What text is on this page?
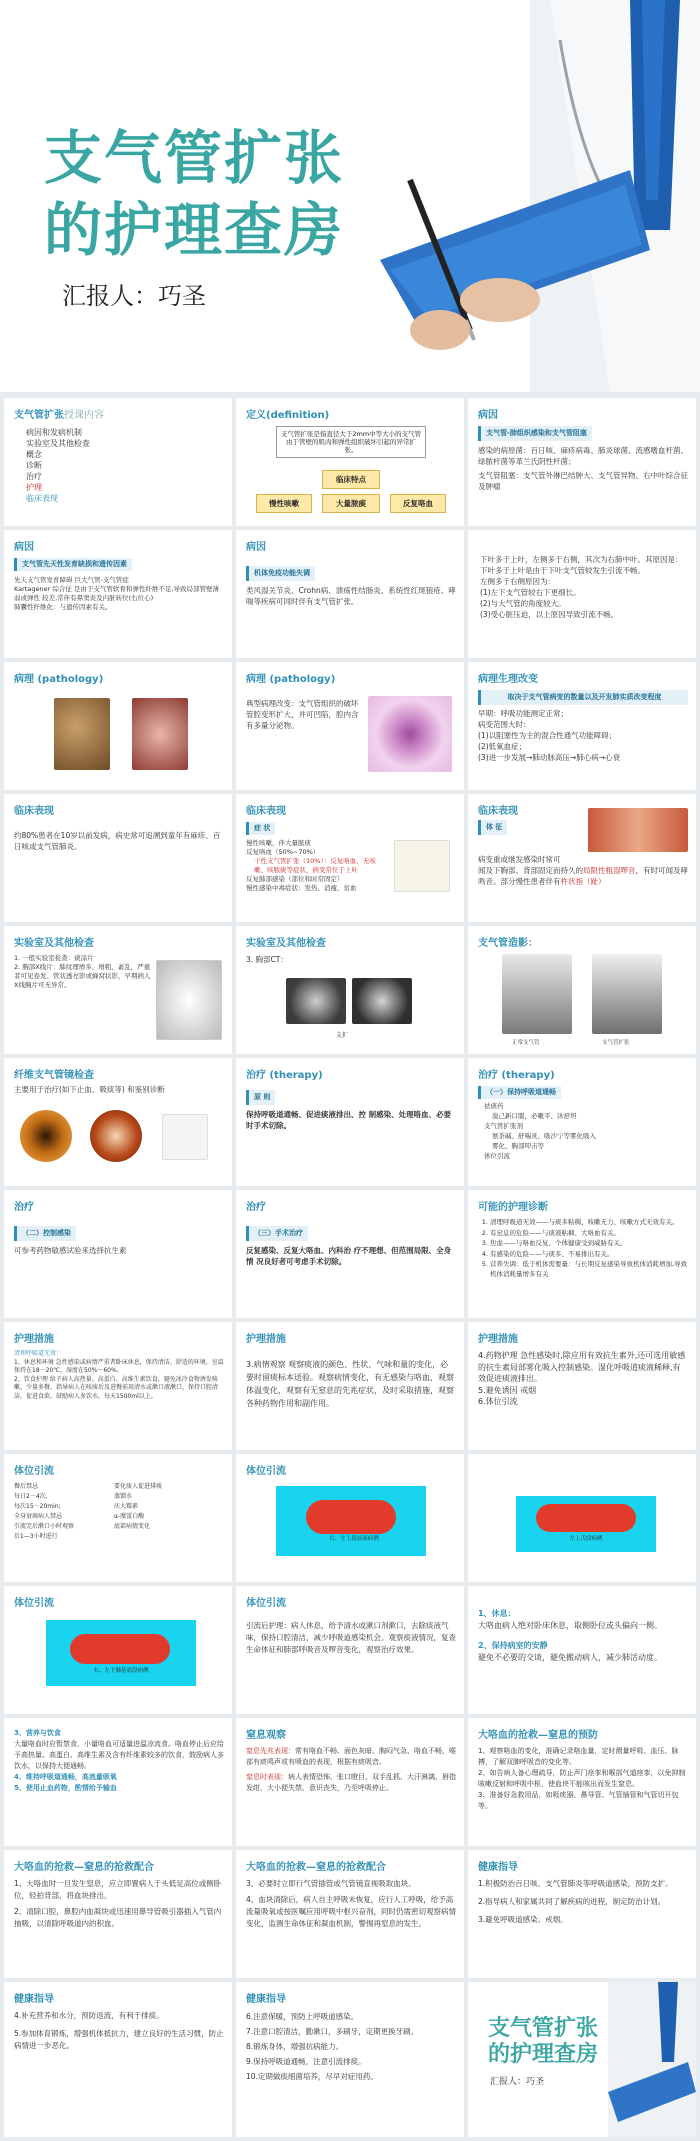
支气管扩张
的护理查房
汇报人：巧圣
支气管扩张授课内容
病因和发病机制
实验室及其他检查
概念
诊断
治疗
护理
临床表现
定义(definition)
支气管扩张是指直径大于2mm中等大小的支气管由于管壁的肌肉和弹性组织破坏引起的异常扩张。
临床特点
慢性咳嗽	大量脓痰	反复咯血
病因
支气管-肺组织感染和支气管阻塞

感染的病原菌：百日咳、麻疹病毒、肺炎球菌、流感嗜血杆菌、绿脓杆菌等革兰氏阴性杆菌；

支气管阻塞：支气管外淋巴结肿大、支气管异物、右中叶综合征及肿瘤

病因
支气管先天性发育缺损和遗传因素

先天支气管发育障碍 巨大气管-支气管症

Kartagener 综合征 是由于支气管软骨和弹性纤维不足,导致局部管壁薄弱或弹性 较差,常伴有鼻窦炎及内脏转位(右位心)

肺囊性纤维化：与遗传因素有关。

病因
机体免疫功能失调

类风湿关节炎、Crohn病、溃疡性结肠炎、系统性红斑狼疮、哮喘等疾病可同时伴有支气管扩张。

下叶多于上叶，左侧多于右侧，其次为右肺中叶。其原因是：下叶多于上叶是由于下叶支气管较发生引流不畅。

左侧多于右侧原因为：

(1)左下支气管较右下更细长。

(2)与大气管的角度较大。

(3)受心脏压迫，以上原因导致引流不畅。

病理 (pathology)	病理 (pathology)

典型病理改变：支气管组织的破坏

管腔变形扩大，并可凹陷，腔内含有多量分泌物。

病理生理改变
取决于支气管病变的数量以及开发肺实质改变程度

早期：呼吸功能测定正常；

病变范围大时：

(1)以阻塞性为主的混合性通气功能障碍；

(2)低氧血症；

(3)进一步发展→肺动脉高压→肺心病→心衰

临床表现
约80%患者在10岁以前发病，病史常可追溯到童年有麻疹、百日咳或支气管肺炎。
临床表现
症 状

慢性咳嗽，伴大量脓痰

反复咯血（50%~70%）

干性支气管扩张（10%）：反复咯血，无咳嗽、咳脓痰等症状，病变常位于上叶

反复肺部感染（部位和时常固定）

慢性感染中毒症状：发热、消瘦、贫血

临床表现
体 征
病变重或继发感染时常可
闻及下胸部、背部固定而持久的局限性粗湿啰音，有时可闻及哮鸣音。部分慢性患者伴有杵状指（趾）
实验室及其他检查

1. 一般实验室检查：痰涂片

2. 胸部X线片：肺纹理增多、增粗、紊乱，严重者可见卷发、管状透亮影或蜂窝状影，早期病人X线胸片可无异常。

实验室及其他检查
3. 胸部CT：
支扩
支气管造影：
正常支气管	支气管扩张
纤维支气管镜检查
主要用于治疗(如下止血、吸痰等) 和鉴别诊断
治疗 (therapy)
原 则

保持呼吸道通畅、促进痰液排出、控 制感染、处理咯血、必要时手术切除。

治疗 (therapy)
（一）保持呼吸道通畅
祛痰药
溴己新口服，必嗽平、沐舒坦
支气管扩张剂
氨茶碱、舒喘灵、吸沙宁等雾化吸入
雾化、胸部叩击等
体位引流
治疗
（二）控制感染

可参考药物敏感试验来选择抗生素

治疗
（三）手术治疗

反复感染、反复大咯血、内科治 疗不理想、但范围局限、全身情 况良好者可考虑手术切除。

可能的护理诊断
1. 清理呼吸道无效——与痰多粘稠、咳嗽无力、咳嗽方式无效有关。
2. 有窒息的危险——与痰液粘稠、大咯血有关。
3. 焦虑——与咯血反复、个体健康受到威胁有关。
4. 有感染的危险——与痰多、不易排出有关。
5. 营养失调：低于机体需要量：与长期反复感染导致机体消耗增加,导致机体消耗量增多有关
护理措施

清理呼吸道无效：

1、休息和环境 急性感染或病情严重者卧床休息，保持清洁、舒适的环境，室温保持在18－20℃，湿度在50%～60%。

2、饮食护理 给予病人高热量、高蛋白、高维生素饮食，避免冰冷食物诱发咳嗽，少量多餐，指导病人在咳痰后及进餐前用清水或漱口液漱口，保持口腔清洁，促进食欲。鼓励病人多饮水，每天1500ml以上。

护理措施
3.病情观察 观察痰液的颜色、性状、气味和量的变化，必要时留痰标本送验。观察病情变化，有无感染与咯血，观察体温变化，观察有无窒息的先兆症状，及时采取措施，观察各种药物作用和副作用。
护理措施

4.药物护理 急性感染时,除应用有效抗生素外,还可选用敏感的抗生素局部雾化吸入控制感染。湿化呼吸道痰液稀释,有效促进痰液排出。

5.避免诱因 戒烟

6.体位引流

体位引流
餐后禁忌
每日2－4次,
每次15－20min;
全身衰竭病人禁忌
引流完后漱口小时观察
后1—3小时进行
要化痰人促进排痰
蒸馏水
庆大霉素
α-糜蛋白酶
底部病情变化
体位引流
右、左上段前部病例	左上舌段病例
体位引流
右、左下肺基底段病例
体位引流
引流后护理：病人休息，给予清水或漱口剂漱口，去除痰液气味，保持口腔清洁，减少呼吸道感染机会。观察痰液情况，复查生命体征和肺部呼吸音及啰音变化，观察治疗效果。

1、休息：

大咯血病人绝对卧床休息，取侧卧位或头偏向一侧。

2、保持病室的安静

避免不必要的交谈，避免搬动病人，减少肺活动度。

3、营养与饮食

大量咯血时应暂禁食，小量咯血可适量进温凉流食。咯血停止后应给予高热量、高蛋白、高维生素及含有纤维素较多的饮食，鼓励病人多饮水，以保持大便通畅。

4、维持呼吸道通畅，高流量吸氧

5、使用止血药物，酌情给予输血

窒息观察

窒息先兆表现：常有咯血不畅、面色灰暗、胸闷气急、咯血不畅，喉部有痰鸣声或有喷血的表现，根据有痰吸音。

窒息时表现：病人表情恐怖、张口瞪目、双手乱抓、大汗淋漓、唇指发绀，大小便失禁、意识丧失，乃至呼吸停止。

大咯血的抢救—窒息的预防

1、观察咯血的变化，准确记录咯血量，定时测量呼吸、血压、脉搏，了解双肺呼吸音的变化等。

2、如告病人备心理疏导，防止声门痉挛和喉部气道痉挛，以免抑制咳嗽反射和呼吸中枢，使血块不能咳出而发生窒息。

3、准备好急救用品，如吸痰器、鼻导管、气管插管和气管切开包等。

大咯血的抢救—窒息的抢救配合

1、大咯血时一旦发生窒息，应立即置病人于头低足高位或侧卧位，轻拍背部，将血块排出。

2、清除口腔，鼻腔内血凝块或迅速用鼻导管吸引器插入气管内抽吸，以清除呼吸道内的积血。

大咯血的抢救—窒息的抢救配合

3、必要时立即行气管插管或气管镜直视吸取血块。

4、血块清除后，病人自主呼吸未恢复，应行人工呼吸，给予高流量吸氧或按医嘱应用呼吸中枢兴奋剂，同时仍需密切观察病情变化，监测生命体征和凝血机制，警惕再窒息的发生。

健康指导

1.积极防治百日咳、支气管肺炎等呼吸道感染，预防支扩。

2.指导病人和家属共同了解疾病的进程，制定防治计划。

3.避免呼吸道感染、戒烟。

健康指导

4.补充营养和水分，预防返流，有利于排痰。

5.参加体育锻炼，增强机体抵抗力，建立良好的生活习惯，防止病情进一步恶化。

健康指导
6.注意保暖，预防上呼吸道感染。
7.注意口腔清洁，勤漱口，多刷牙，定期更换牙刷。
8.锻炼身体，增强抗病能力。
9.保持呼吸道通畅，注意引流排痰。
10.定期做痰细菌培养，尽早对症用药。
支气管扩张
的护理查房
汇报人：巧圣
